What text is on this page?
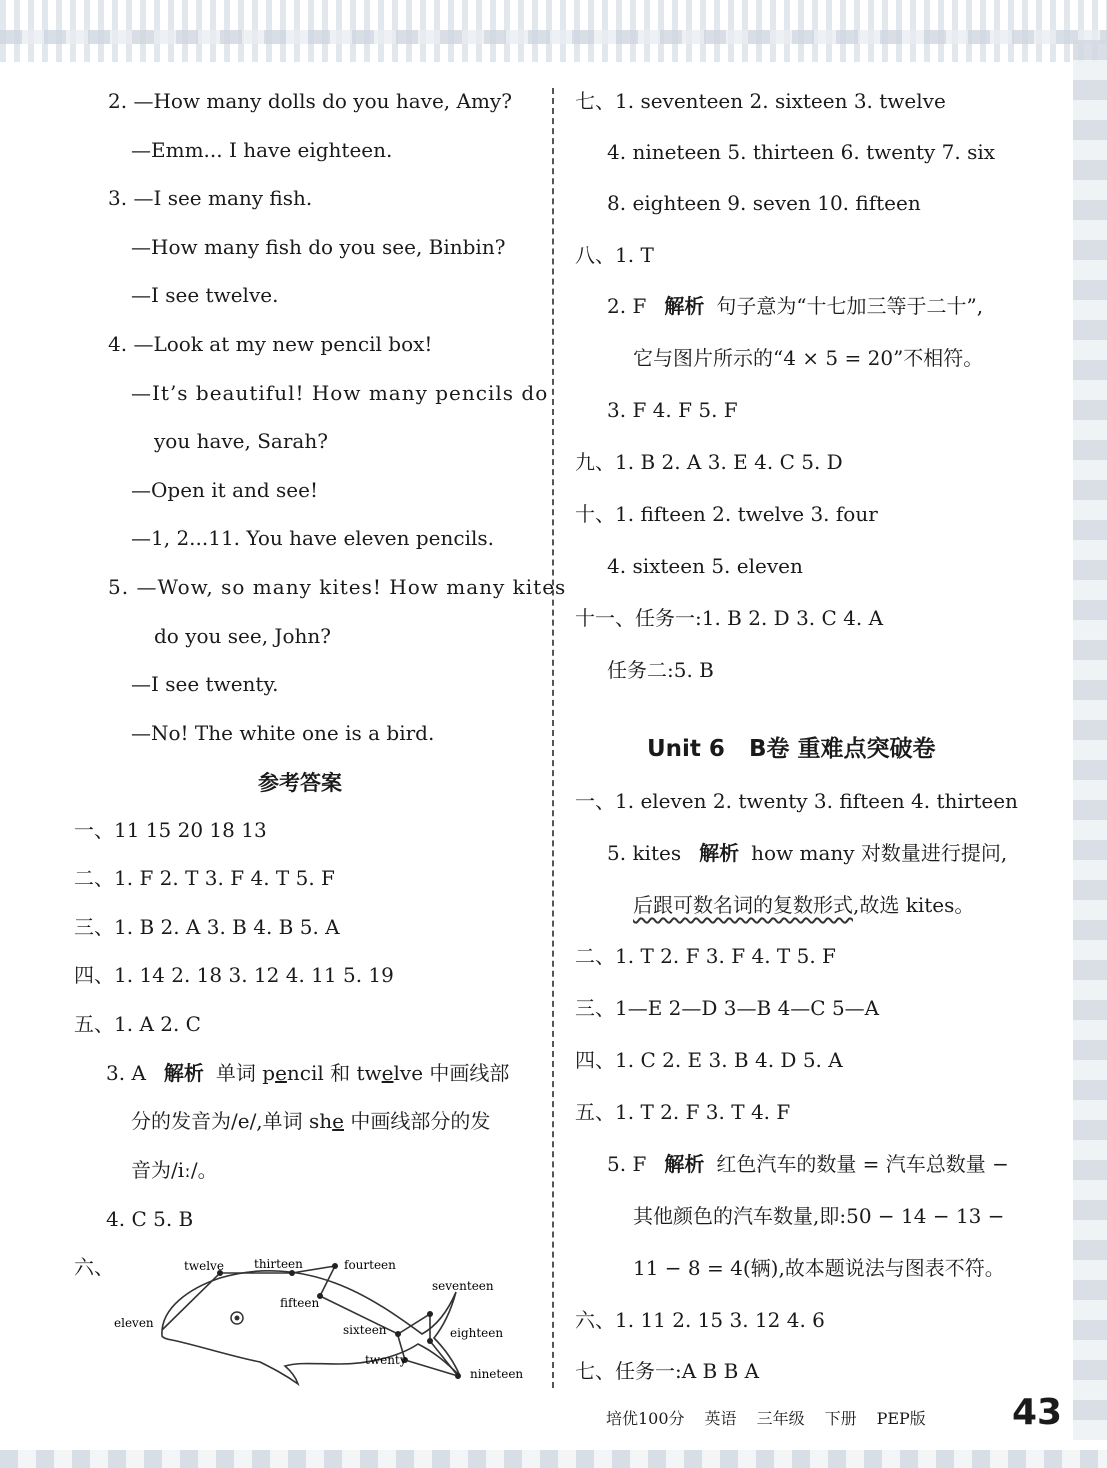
2. —How many dolls do you have, Amy?
—Emm... I have eighteen.
3. —I see many fish.
—How many fish do you see, Binbin?
—I see twelve.
4. —Look at my new pencil box!
—It’s beautiful! How many pencils do
you have, Sarah?
—Open it and see!
—1, 2...11. You have eleven pencils.
5. —Wow, so many kites! How many kites
do you see, John?
—I see twenty.
—No! The white one is a bird.
参考答案
一、11 15 20 18 13
二、1. F 2. T 3. F 4. T 5. F
三、1. B 2. A 3. B 4. B 5. A
四、1. 14 2. 18 3. 12 4. 11 5. 19
五、1. A 2. C
3. A 解析 单词 pencil 和 twelve 中画线部
分的发音为/e/,单词 she 中画线部分的发
音为/iː/。
4. C 5. B
六、
eleven
twelve	thirteen	fourteen
fifteen
sixteen
seventeen
eighteen
twenty
nineteen
七、1. seventeen 2. sixteen 3. twelve
4. nineteen 5. thirteen 6. twenty 7. six
8. eighteen 9. seven 10. fifteen
八、1. T
2. F 解析 句子意为“十七加三等于二十”,
它与图片所示的“4 × 5 = 20”不相符。
3. F 4. F 5. F
九、1. B 2. A 3. E 4. C 5. D
十、1. fifteen 2. twelve 3. four
4. sixteen 5. eleven
十一、任务一:1. B 2. D 3. C 4. A
任务二:5. B
Unit 6 B卷 重难点突破卷
一、1. eleven 2. twenty 3. fifteen 4. thirteen
5. kites 解析 how many 对数量进行提问,
后跟可数名词的复数形式,故选 kites。
二、1. T 2. F 3. F 4. T 5. F
三、1—E 2—D 3—B 4—C 5—A
四、1. C 2. E 3. B 4. D 5. A
五、1. T 2. F 3. T 4. F
5. F 解析 红色汽车的数量 = 汽车总数量 −
其他颜色的汽车数量,即:50 − 14 − 13 −
11 − 8 = 4(辆),故本题说法与图表不符。
六、1. 11 2. 15 3. 12 4. 6
七、任务一:A B B A
培优100分 英语 三年级 下册 PEP版	43
